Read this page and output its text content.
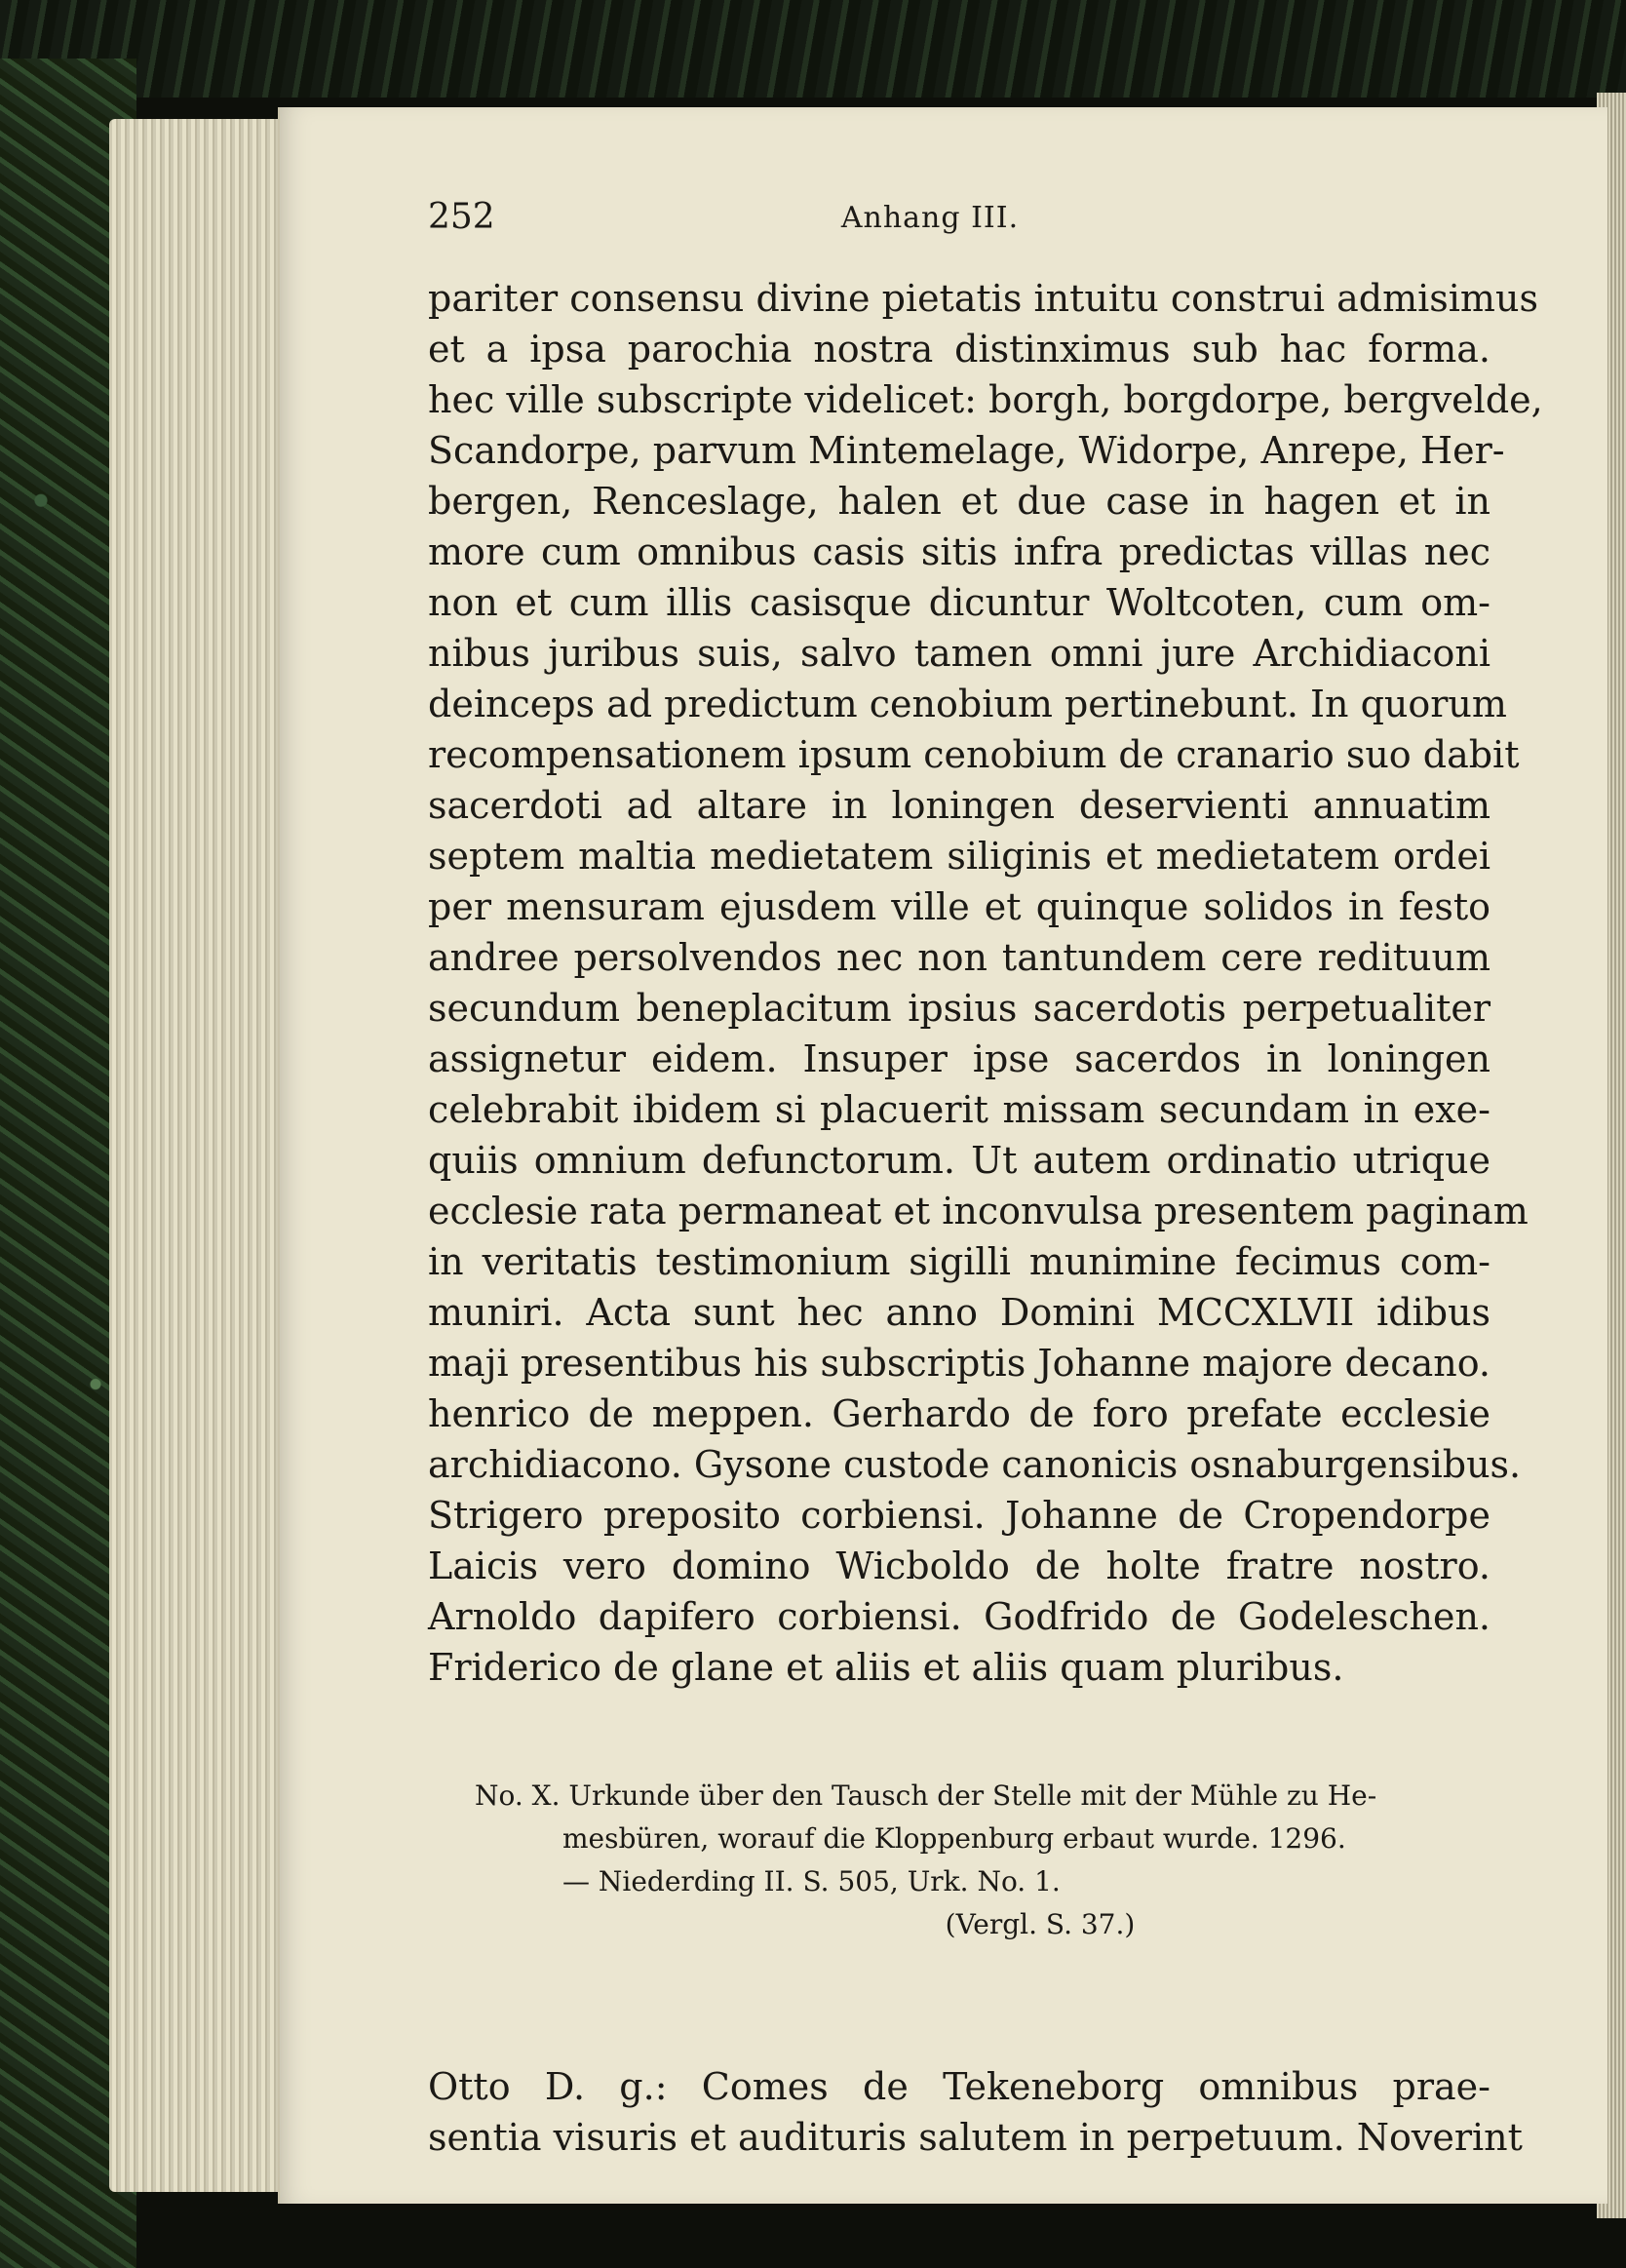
252	Anhang III.
pariter consensu divine pietatis intuitu construi admisimus
et a ipsa parochia nostra distinximus sub hac forma.
hec ville subscripte videlicet: borgh, borgdorpe, bergvelde,
Scandorpe, parvum Mintemelage, Widorpe, Anrepe, Her-
bergen, Renceslage, halen et due case in hagen et in
more cum omnibus casis sitis infra predictas villas nec
non et cum illis casisque dicuntur Woltcoten, cum om-
nibus juribus suis, salvo tamen omni jure Archidiaconi
deinceps ad predictum cenobium pertinebunt. In quorum
recompensationem ipsum cenobium de cranario suo dabit
sacerdoti ad altare in loningen deservienti annuatim
septem maltia medietatem siliginis et medietatem ordei
per mensuram ejusdem ville et quinque solidos in festo
andree persolvendos nec non tantundem cere redituum
secundum beneplacitum ipsius sacerdotis perpetualiter
assignetur eidem. Insuper ipse sacerdos in loningen
celebrabit ibidem si placuerit missam secundam in exe-
quiis omnium defunctorum. Ut autem ordinatio utrique
ecclesie rata permaneat et inconvulsa presentem paginam
in veritatis testimonium sigilli munimine fecimus com-
muniri. Acta sunt hec anno Domini MCCXLVII idibus
maji presentibus his subscriptis Johanne majore decano.
henrico de meppen. Gerhardo de foro prefate ecclesie
archidiacono. Gysone custode canonicis osnaburgensibus.
Strigero preposito corbiensi. Johanne de Cropendorpe
Laicis vero domino Wicboldo de holte fratre nostro.
Arnoldo dapifero corbiensi. Godfrido de Godeleschen.
Friderico de glane et aliis et aliis quam pluribus.
No. X. Urkunde über den Tausch der Stelle mit der Mühle zu He-
mesbüren, worauf die Kloppenburg erbaut wurde. 1296.
— Niederding II. S. 505, Urk. No. 1.
(Vergl. S. 37.)
Otto D. g.: Comes de Tekeneborg omnibus prae-
sentia visuris et audituris salutem in perpetuum. Noverint
